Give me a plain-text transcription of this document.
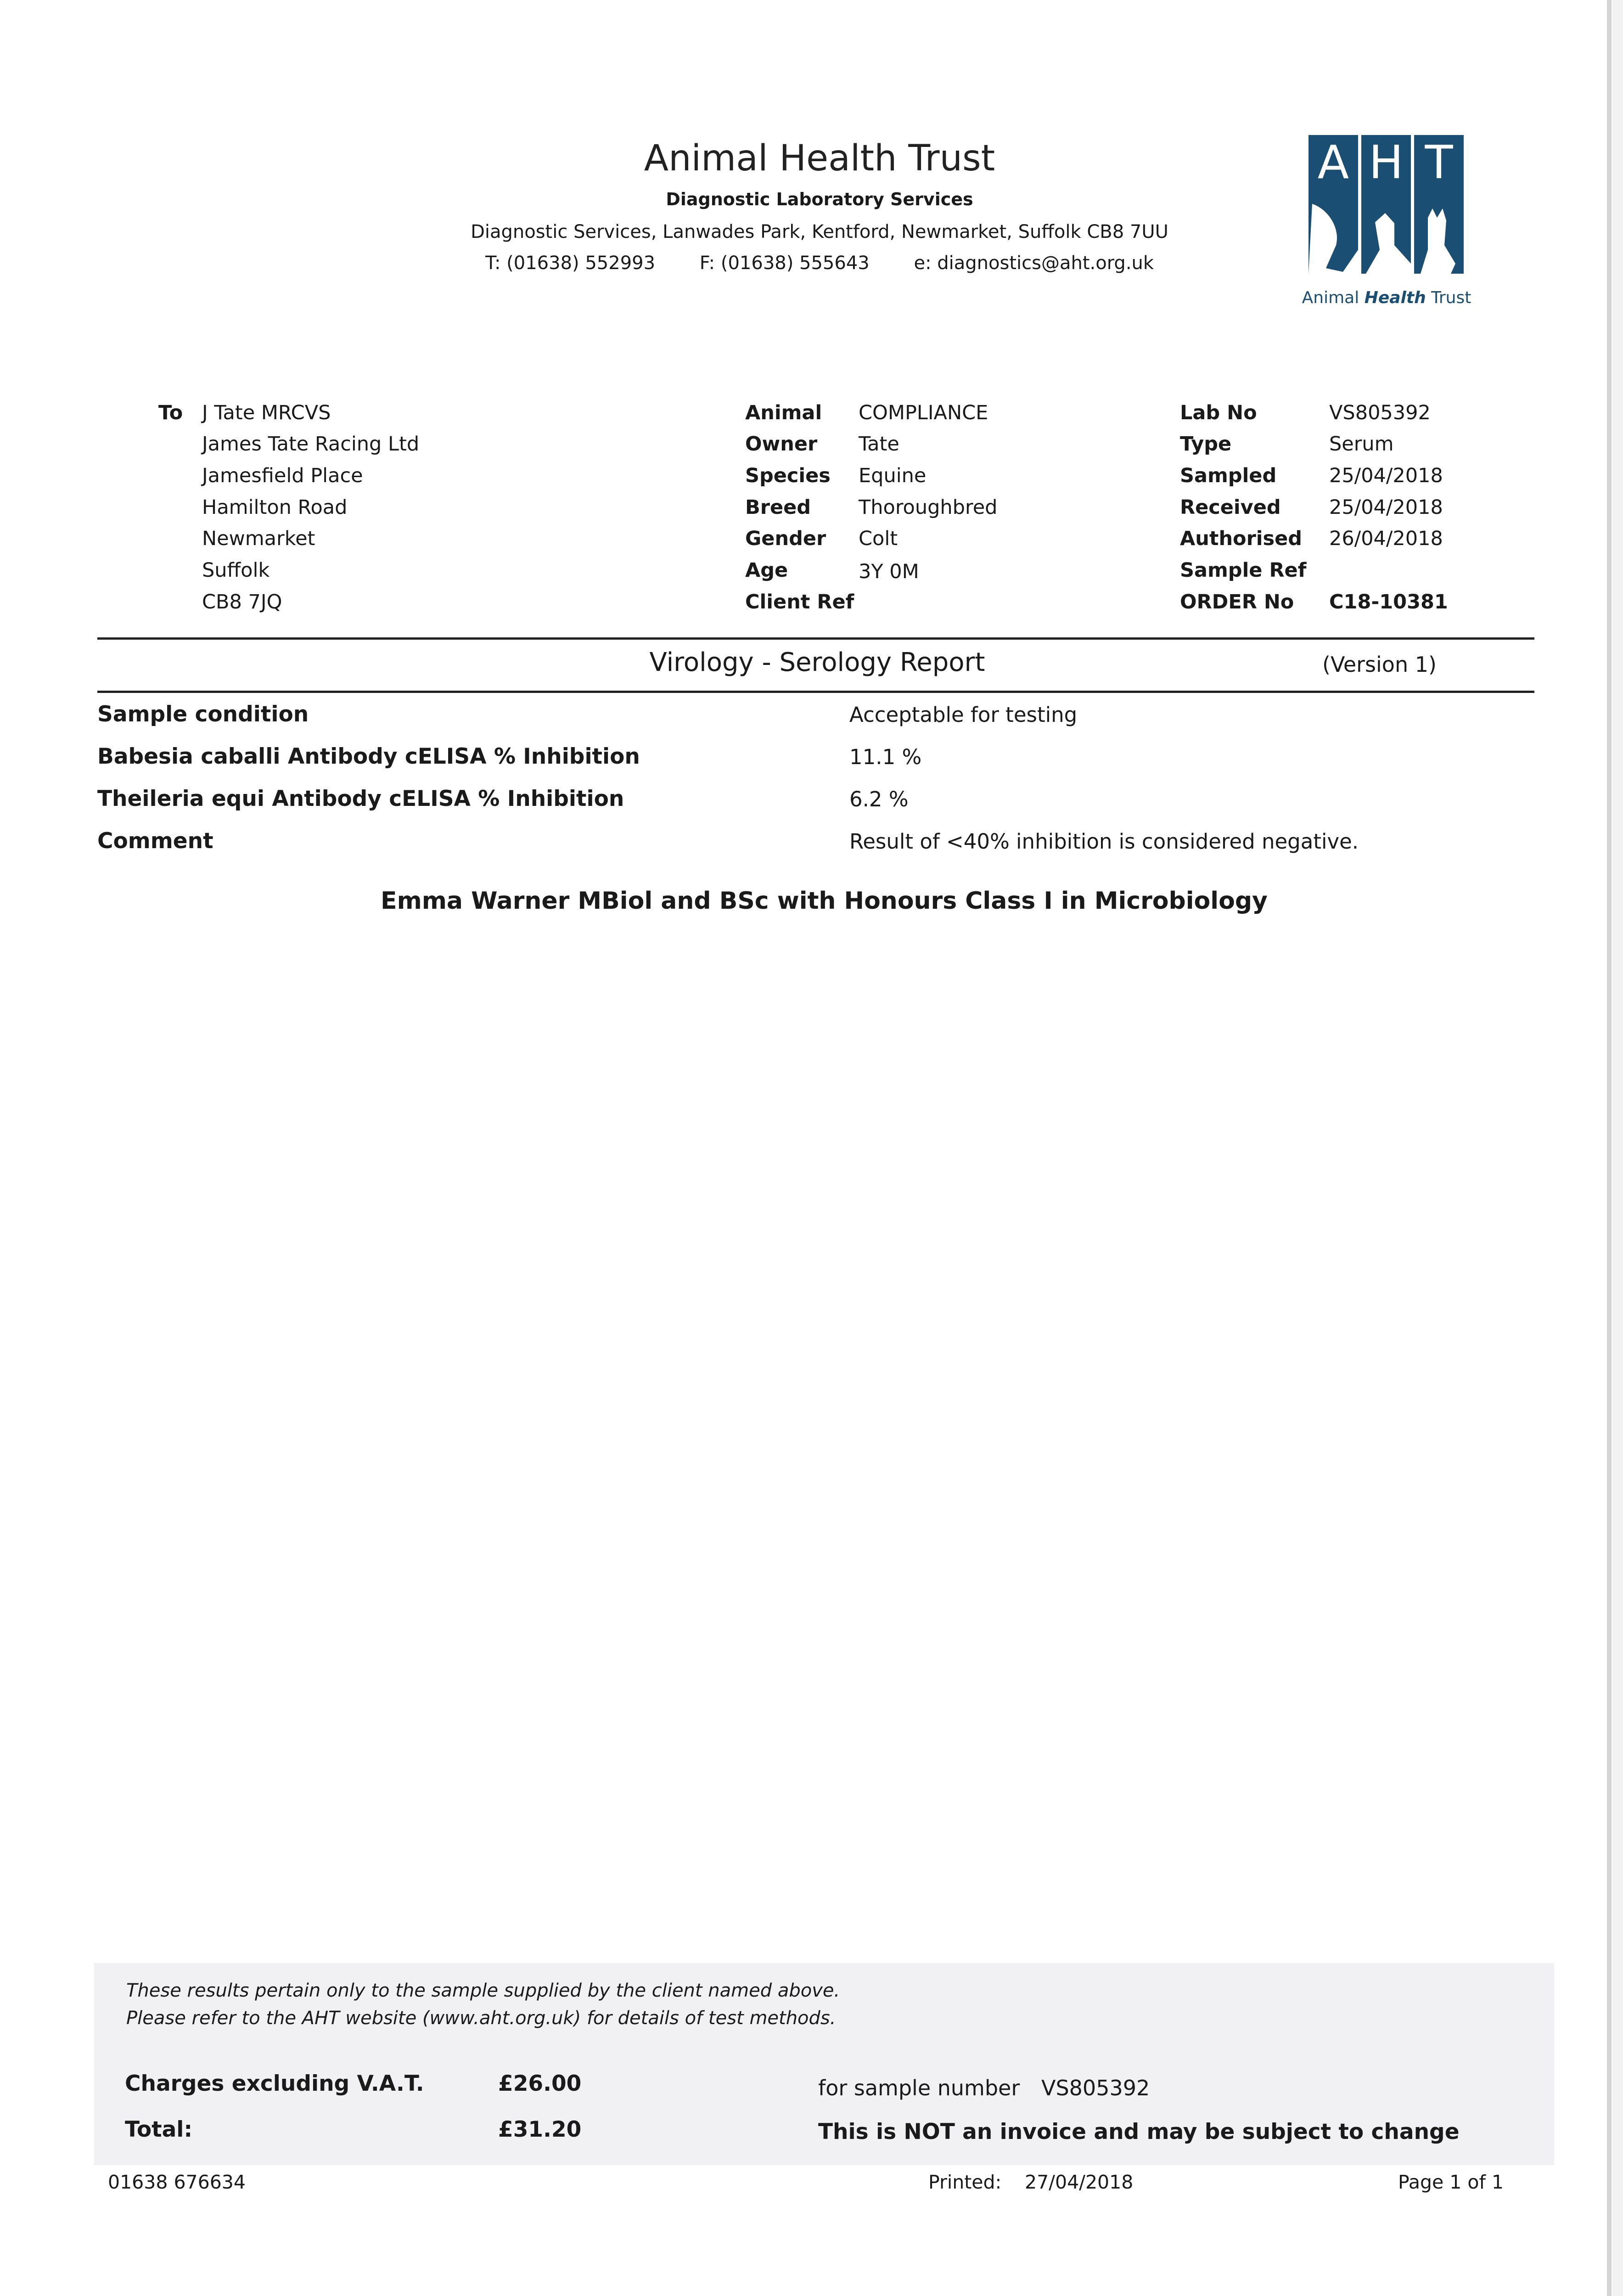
Animal Health Trust
Diagnostic Laboratory Services
Diagnostic Services, Lanwades Park, Kentford, Newmarket, Suffolk CB8 7UU
T: (01638) 552993 F: (01638) 555643 e: diagnostics@aht.org.uk
A H T
Animal Health Trust
To J Tate MRCVS
James Tate Racing Ltd
Jamesfield Place
Hamilton Road
Newmarket
Suffolk
CB8 7JQ
Animal COMPLIANCE
Owner Tate
Species Equine
Breed Thoroughbred
Gender Colt
Age	3Y 0M
Client Ref
Lab No	VS805392
Type	Serum
Sampled	25/04/2018
Received 25/04/2018
Authorised 26/04/2018
Sample Ref
ORDER No C18-10381
Virology - Serology Report	(Version 1)
Sample condition	Acceptable for testing
Babesia caballi Antibody cELISA % Inhibition	11.1 %
Theileria equi Antibody cELISA % Inhibition	6.2 %
Comment	Result of <40% inhibition is considered negative.
Emma Warner MBiol and BSc with Honours Class I in Microbiology
These results pertain only to the sample supplied by the client named above.
Please refer to the AHT website (www.aht.org.uk) for details of test methods.
Charges excluding V.A.T.	£26.00
Total:	£31.20
for sample number VS805392
This is NOT an invoice and may be subject to change
01638 676634	Printed: 27/04/2018	Page 1 of 1
